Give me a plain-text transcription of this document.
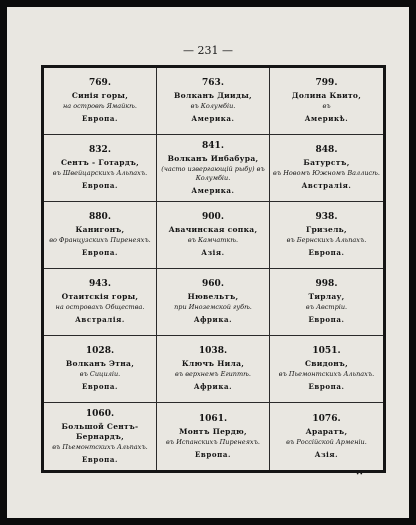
— 231 —
769.
Синія горы,
на островѣ Ямайкѣ.
Европа.
763.
Волканъ Дииды,
въ Колумбіи.
Америка.
799.
Долина Квито,
въ
Америкѣ.
832.
Сентъ - Готардъ,
въ Швейцарскихъ Альпахъ.
Европа.
841.
Волканъ Инбабура,
(часто извергающій рыбу) въ Колумбіи.
Америка.
848.
Батурстъ,
въ Новомъ Южномъ Валлисѣ.
Австралія.
880.
Канигонъ,
во Французскихъ Пиренеяхъ.
Европа.
900.
Авачинская сопка,
въ Камчаткѣ.
Азія.
938.
Гризель,
въ Бернскихъ Альпахъ.
Европа.
943.
Отаитскія горы,
на островахъ Общества.
Австралія.
960.
Нювельтъ,
при Иноземской губѣ.
Африка.
998.
Тирлау,
въ Австріи.
Европа.
1028.
Волканъ Этна,
въ Сициліи.
Европа.
1038.
Ключъ Нила,
въ верхнемъ Египтѣ.
Африка.
1051.
Свидонъ,
въ Пьемонтскихъ Альпахъ.
Европа.
1060.
Большой Сентъ-Бернардъ,
въ Пьемонтскихъ Альпахъ.
Европа.
1061.
Монтъ Пердю,
въ Испанскихъ Пиренеяхъ.
Европа.
1076.
Араратъ,
въ Россійской Арменіи.
Азія.
••
